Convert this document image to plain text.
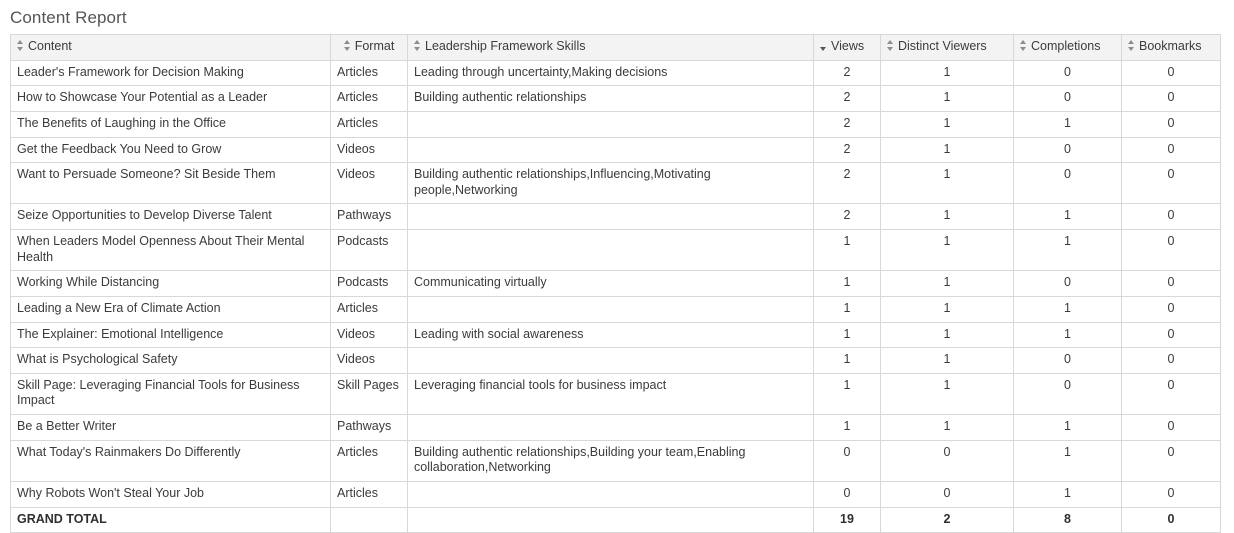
Content Report
Content	Format	Leadership Framework Skills	Views	Distinct Viewers	Completions	Bookmarks
Leader's Framework for Decision Making	Articles	Leading through uncertainty,Making decisions	2	1	0	0
How to Showcase Your Potential as a Leader	Articles	Building authentic relationships	2	1	0	0
The Benefits of Laughing in the Office	Articles		2	1	1	0
Get the Feedback You Need to Grow	Videos		2	1	0	0
Want to Persuade Someone? Sit Beside Them	Videos	Building authentic relationships,Influencing,Motivating people,Networking	2	1	0	0
Seize Opportunities to Develop Diverse Talent	Pathways		2	1	1	0
When Leaders Model Openness About Their Mental Health	Podcasts		1	1	1	0
Working While Distancing	Podcasts	Communicating virtually	1	1	0	0
Leading a New Era of Climate Action	Articles		1	1	1	0
The Explainer: Emotional Intelligence	Videos	Leading with social awareness	1	1	1	0
What is Psychological Safety	Videos		1	1	0	0
Skill Page: Leveraging Financial Tools for Business Impact	Skill Pages	Leveraging financial tools for business impact	1	1	0	0
Be a Better Writer	Pathways		1	1	1	0
What Today's Rainmakers Do Differently	Articles	Building authentic relationships,Building your team,Enabling collaboration,Networking	0	0	1	0
Why Robots Won't Steal Your Job	Articles		0	0	1	0
GRAND TOTAL			19	2	8	0
